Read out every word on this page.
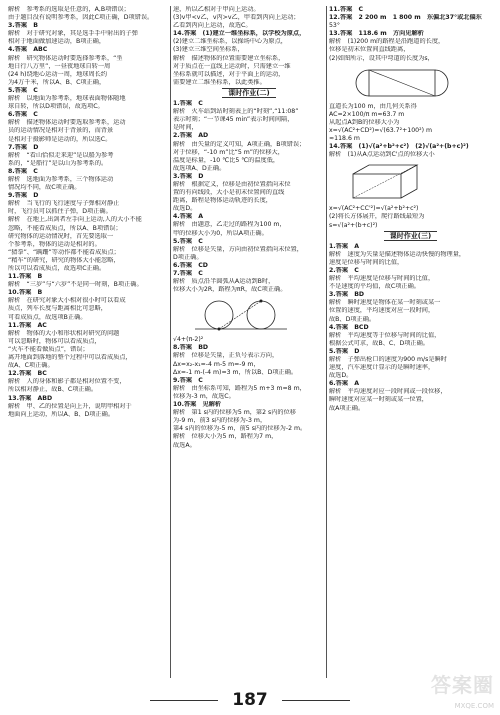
解析　参考系的选取是任意的，A,B项错误；
由于题目没有说明参考系，因此C项正确，D项错误。
3.答案　B
解析　对于研究对象，其是选手手中射出的子弹
相对于地面做加速运动，B项正确，
4.答案　ABC
解析　研究物体运动时要选择参考系，“坐
地日行八万里”，一昼夜地球自转一周
(24 h)绕地心运动一周，地球周长约
为4万千米，所以A、B、C项正确，
5.答案　C
解析　以地面为参考系，地球表面物体随地
球自转，所以D项错误，故选项C。
6.答案　C
解析　描述物体运动时要选取参考系，运动
员的运动情况是相对于背景的，而背景
是相对于摄影师是运动的，所以选C。
7.答案　D
解析　“看山恰似走来迎”是以船为参考
系的，“是船行”是以山为参考系的。
8.答案　C
解析　选地面为参考系，三个物体运动
情况均不同，故C项正确。
9.答案　D
解析　当飞行的飞行速度与子弹相对静止
时，飞行员可以抓住子弹，D项正确。
解析　在地上,出剑者左手向上运动,人的大小不能
忽略，不能看成质点，所以A、B项错误；
研究物体的运动情况时，首先要选取一
个参考系，物体的运动是相对的。
“猜拳”、“蹒跚”等动作都不能看成质点；
“精车”的研究，研究的物体大小能忽略，
所以可以看成质点，故选项C正确。
11.答案　B
解析　“三岁”与“六岁”不是同一时刻，B项正确。
10.答案　B
解析　在研究对象大小相对很小时可以看成
质点，列车长度与距离相比可忽略，
可看成质点，故选项B正确。
11.答案　AC
解析　物体的大小和形状相对研究的问题
可以忽略时，物体可以看成质点，
“火车不能看做质点”，错误；
离开地面到落地的整个过程中可以看成质点，
故A、C项正确。
12.答案　BC
解析　人的身体和影子都是相对位置不变，
所以相对静止，故B、C项正确。
13.答案　ABD
解析　甲、乙的位置是向上升，说明甲相对于
地面向上运动，所以A、B、D项正确。
速，所以乙相对于甲向上运动。
(3)v甲<v乙，v丙>v乙，甲看到丙向上运动；
乙看到丙向上运动，故选C。
14.答案　(1)建立一维坐标系，以学校为原点，
(2)建立二维坐标系，以操场中心为原点，
(3)建立三维空间坐标系，
解析　描述物体的位置需要建立坐标系，
对于质点在一直线上运动时，只需建立一维
坐标系就可以描述，对于平面上的运动，
需要建立二维坐标系，以此类推。
课时作业(二)
1.答案　C
解析　火车站到站时刻表上的“时刻”,“11:08”
表示时刻；“一节课45 min”表示时间间隔，
是时间，
2.答案　AD
解析　由矢量的定义可知，A项正确，B项错误；
对于位移，“-10 m”比“5 m”的位移大，
温度是标量，-10 ℃比5 ℃的温度低，
故选项A、D正确。
3.答案　D
解析　根据定义，位移是由初位置指向末位
置的有向线段，大小是初末位置间的直线
距离，路程是物体运动轨迹的长度，
故选D。
4.答案　A
解析　由题意，乙走过的路程为100 m，
甲的位移大小为0，所以A项正确。
5.答案　C
解析　位移是矢量，方向由初位置指向末位置，
D项正确。
6.答案　CD
7.答案　C
解析　质点沿半圆弧从A运动到B时，
位移大小为2R，路程为πR，故C项正确。
√4+(π-2)²
8.答案　BD
解析　位移是矢量，正负号表示方向，
Δx=x₂-x₁=-4 m-5 m=-9 m，
Δx=-1 m-(-4 m)=3 m，所以B、D项正确。
9.答案　C
解析　由坐标系可知，路程为5 m+3 m=8 m，
位移为-3 m，故选C。
10.答案　见解析
解析　第1 s内的位移为5 m，第2 s内的位移
为-9 m，前3 s内的位移为-3 m，
第4 s内的位移为-5 m，前5 s内的位移为-2 m。
解析　位移大小为5 m，路程为7 m，
故选A。
11.答案　C
12.答案　2 200 m　1 800 m　东偏北37°或北偏东
53°
13.答案　118.6 m　方向见解析
解析　(1)200 m的路程是沿跑道的长度，
位移是初末位置间直线距离，
(2)如图所示，设其中弯道的长度为s，
直道长为100 m，由几何关系得
AC=2×100/π m≈63.7 m
从起点A到B的位移大小为
x=√(AC²+CD²)=√(63.7²+100²) m
≈118.6 m
14.答案　(1)√(a²+b²+c²)　(2)√(a²+(b+c)²)
解析　(1)从A点运动到C'点的位移大小
x=√(AC²+CC'²)=√(a²+b²+c²)
(2)将长方体展开，爬行路线最短为
s=√(a²+(b+c)²)
课时作业(三)
1.答案　A
解析　速度为矢量是描述物体运动快慢的物理量，
速度是位移与时间的比值，
2.答案　C
解析　平均速度是位移与时间的比值，
不是速度的平均值，故C项正确。
3.答案　BD
解析　瞬时速度是物体在某一时刻或某一
位置的速度，平均速度对应一段时间，
故B、D项正确。
4.答案　BCD
解析　平均速度等于位移与时间的比值，
根据公式可求，故B、C、D项正确。
5.答案　D
解析　子弹出枪口的速度为900 m/s是瞬时
速度，汽车速度计显示的是瞬时速率，
故选D。
6.答案　A
解析　平均速度对应一段时间或一段位移，
瞬时速度对应某一时刻或某一位置，
故A项正确。
187
答案圈
MXQE.COM
